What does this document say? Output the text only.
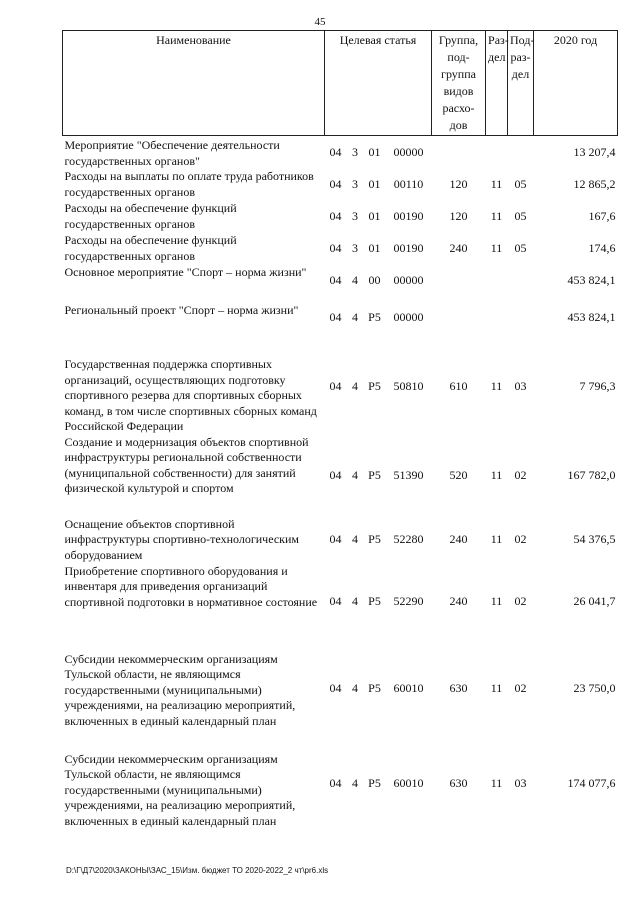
45
Наименование	Целевая статья				Группа, под-группа видов расхо-дов	Раз-дел	Под-раз-дел	2020 год
Мероприятие "Обеспечение деятельности государственных органов"	04	3	01	00000				13 207,4
Расходы на выплаты по оплате труда работников государственных органов	04	3	01	00110	120	11	05	12 865,2
Расходы на обеспечение функций государственных органов	04	3	01	00190	120	11	05	167,6
Расходы на обеспечение функций государственных органов	04	3	01	00190	240	11	05	174,6
Основное мероприятие "Спорт – норма жизни"	04	4	00	00000				453 824,1
Региональный проект "Спорт – норма жизни"	04	4	P5	00000				453 824,1
Государственная поддержка спортивных организаций, осуществляющих подготовку спортивного резерва для спортивных сборных команд, в том числе спортивных сборных команд Российской Федерации	04	4	P5	50810	610	11	03	7 796,3
Создание и модернизация объектов спортивной инфраструктуры региональной собственности (муниципальной собственности) для занятий физической культурой и спортом	04	4	P5	51390	520	11	02	167 782,0
Оснащение объектов спортивной инфраструктуры спортивно-технологическим оборудованием	04	4	P5	52280	240	11	02	54 376,5
Приобретение спортивного оборудования и инвентаря для приведения организаций спортивной подготовки в нормативное состояние	04	4	P5	52290	240	11	02	26 041,7
Субсидии некоммерческим организациям Тульской области, не являющимся государственными (муниципальными) учреждениями, на реализацию мероприятий, включенных в единый календарный план	04	4	P5	60010	630	11	02	23 750,0
Субсидии некоммерческим организациям Тульской области, не являющимся государственными (муниципальными) учреждениями, на реализацию мероприятий, включенных в единый календарный план	04	4	P5	60010	630	11	03	174 077,6
D:\Г\Д7\2020\ЗАКОНЫ\ЗАС_15\Изм. бюджет ТО 2020-2022_2 чт\pr6.xls
